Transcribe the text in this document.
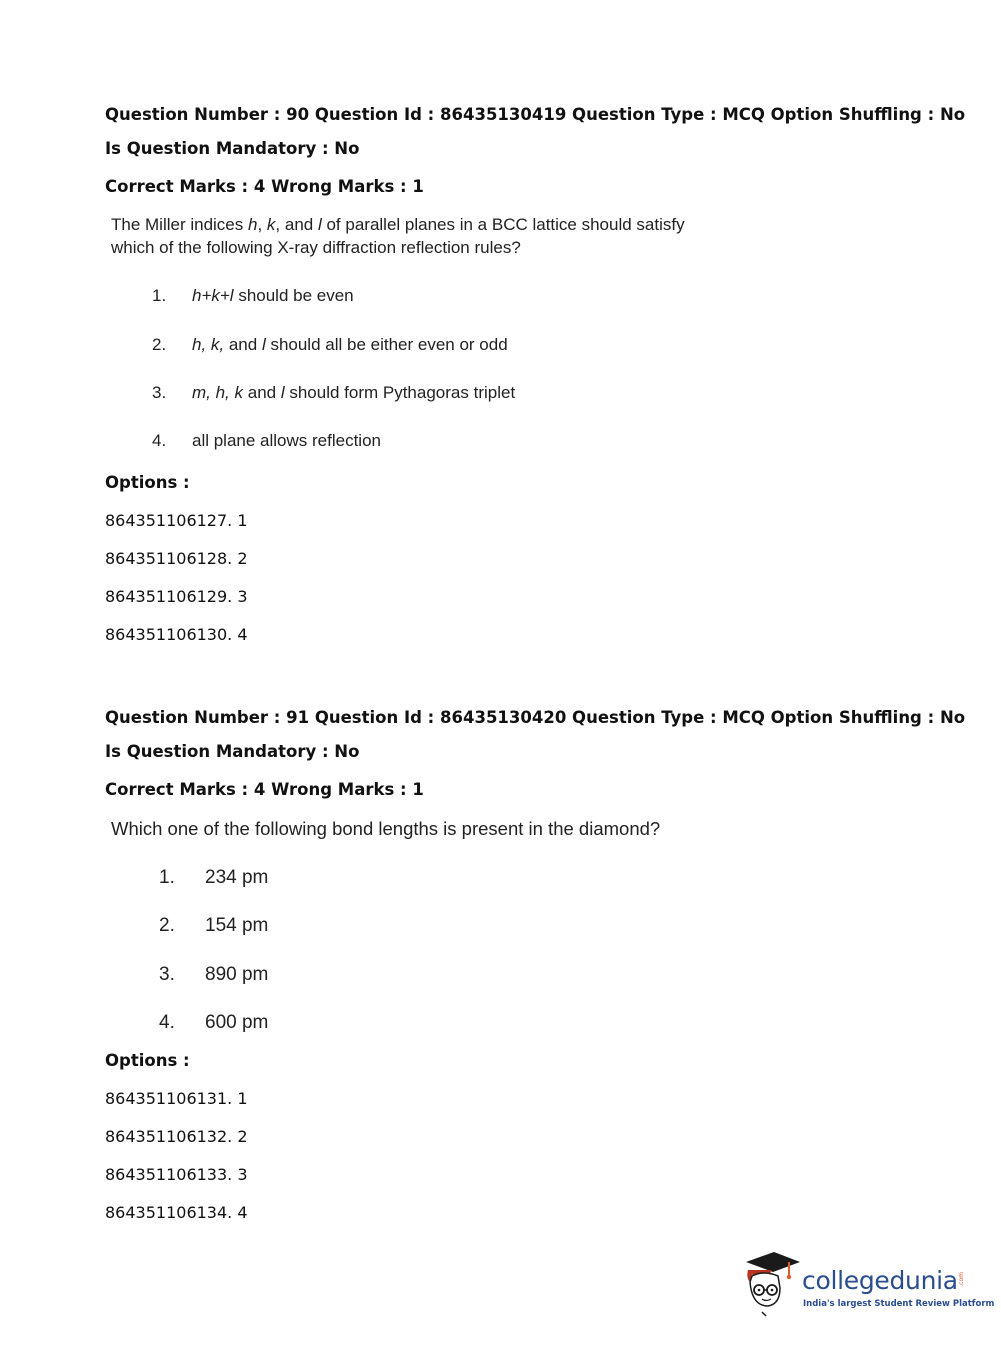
Question Number : 90 Question Id : 86435130419 Question Type : MCQ Option Shuffling : No
Is Question Mandatory : No
Correct Marks : 4 Wrong Marks : 1
The Miller indices h, k, and l of parallel planes in a BCC lattice should satisfy
which of the following X-ray diffraction reflection rules?
1. h+k+l should be even
2. h, k, and l should all be either even or odd
3. m, h, k and l should form Pythagoras triplet
4. all plane allows reflection
Options :
864351106127. 1
864351106128. 2
864351106129. 3
864351106130. 4
Question Number : 91 Question Id : 86435130420 Question Type : MCQ Option Shuffling : No
Is Question Mandatory : No
Correct Marks : 4 Wrong Marks : 1
Which one of the following bond lengths is present in the diamond?
1. 234 pm
2. 154 pm
3. 890 pm
4. 600 pm
Options :
864351106131. 1
864351106132. 2
864351106133. 3
864351106134. 4
collegedunia .com
India's largest Student Review Platform
